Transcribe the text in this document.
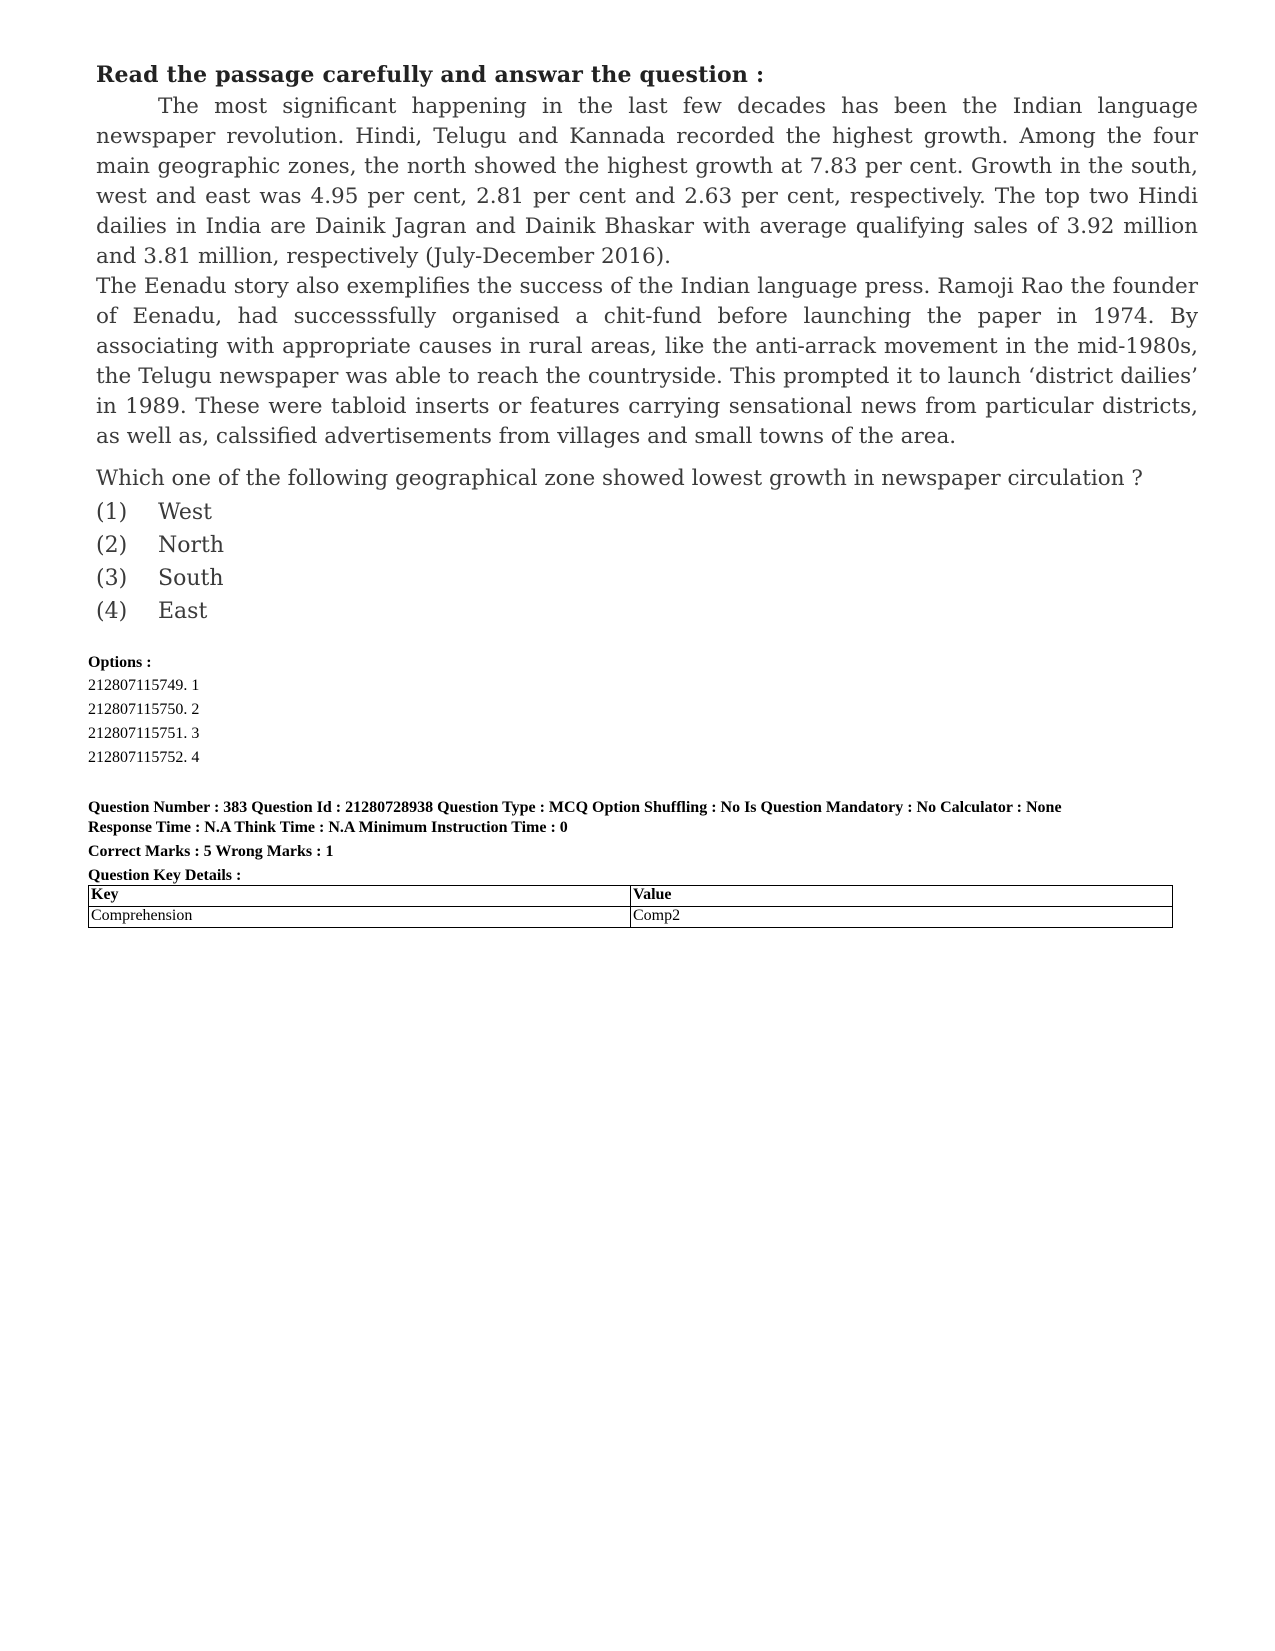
Read the passage carefully and answar the question :

The most significant happening in the last few decades has been the Indian language newspaper revolution. Hindi, Telugu and Kannada recorded the highest growth. Among the four main geographic zones, the north showed the highest growth at 7.83 per cent. Growth in the south, west and east was 4.95 per cent, 2.81 per cent and 2.63 per cent, respectively. The top two Hindi dailies in India are Dainik Jagran and Dainik Bhaskar with average qualifying sales of 3.92 million and 3.81 million, respectively (July-December 2016).

The Eenadu story also exemplifies the success of the Indian language press. Ramoji Rao the founder of Eenadu, had successsfully organised a chit-fund before launching the paper in 1974. By associating with appropriate causes in rural areas, like the anti-arrack movement in the mid-1980s, the Telugu newspaper was able to reach the countryside. This prompted it to launch ‘district dailies’ in 1989. These were tabloid inserts or features carrying sensational news from particular districts, as well as, calssified advertisements from villages and small towns of the area.

Which one of the following geographical zone showed lowest growth in newspaper circulation ?
(1)	West
(2)	North
(3)	South
(4)	East
Options :
212807115749. 1
212807115750. 2
212807115751. 3
212807115752. 4
Question Number : 383 Question Id : 21280728938 Question Type : MCQ Option Shuffling : No Is Question Mandatory : No Calculator : None
Response Time : N.A Think Time : N.A Minimum Instruction Time : 0
Correct Marks : 5 Wrong Marks : 1
Question Key Details :
Key	Value
Comprehension	Comp2
